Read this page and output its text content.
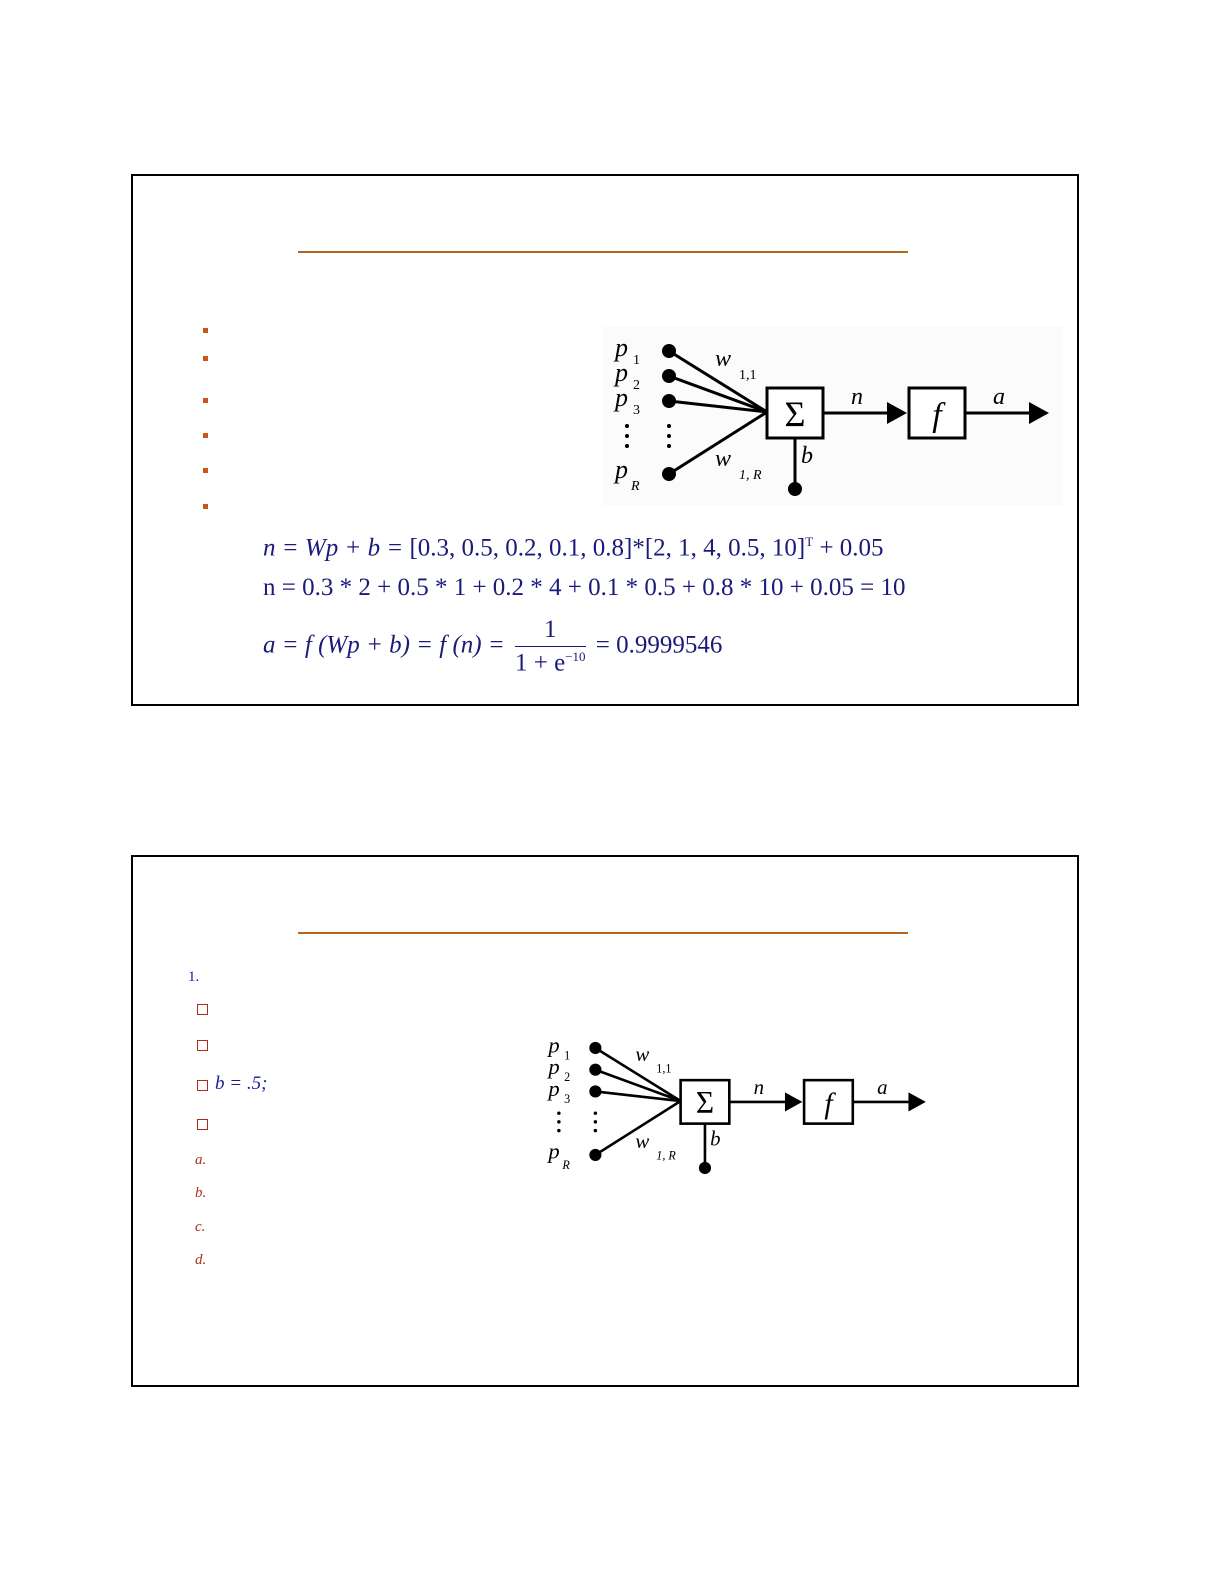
p 1
p 2
p 3
p
R
w
1,1
w
1, R
Σ
b
n f a
n = Wp + b = [0.3, 0.5, 0.2, 0.1, 0.8]*[2, 1, 4, 0.5, 10]$^T$ + 0.05
n = 0.3 * 2 + 0.5 * 1 + 0.2 * 4 + 0.1 * 0.5 + 0.8 * 10 + 0.05 = 10
a = f (Wp + b) = f $(n) = \frac{1}{1 + e^{-10}} = 0.9999546$
1.
b = .5;
a.
b.
c.
d.
p 1
p 2
p 3
p
R
w
1,1
w
1, R
Σ
b
n
f
a
